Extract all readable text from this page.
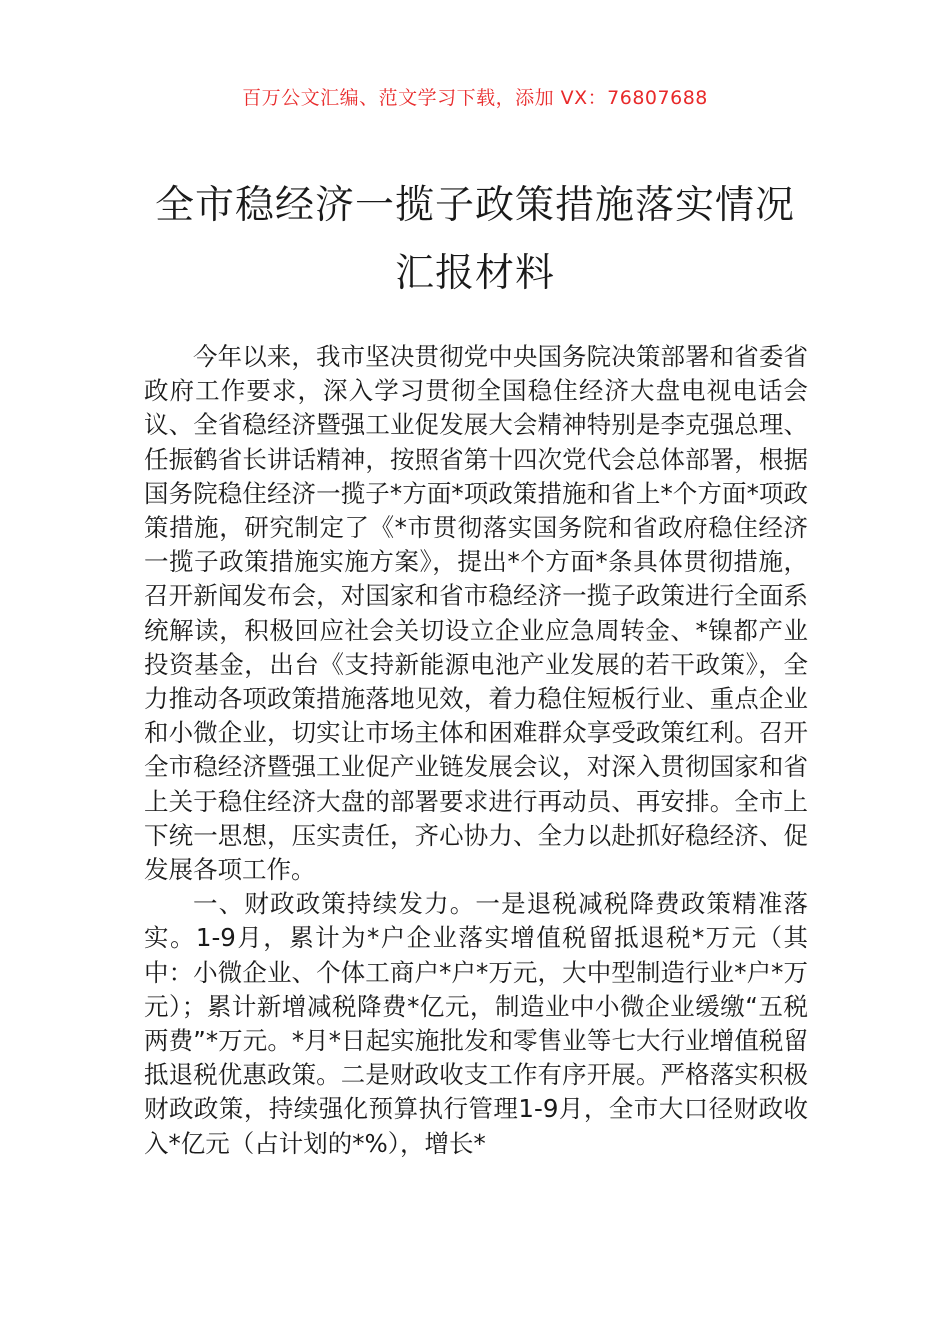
百万公文汇编、范文学习下载，添加 VX：76807688
全市稳经济一揽子政策措施落实情况汇报材料

今年以来，我市坚决贯彻党中央国务院决策部署和省委省政府工作要求，深入学习贯彻全国稳住经济大盘电视电话会议、全省稳经济暨强工业促发展大会精神特别是李克强总理、任振鹤省长讲话精神，按照省第十四次党代会总体部署，根据国务院稳住经济一揽子*方面*项政策措施和省上*个方面*项政策措施，研究制定了《*市贯彻落实国务院和省政府稳住经济一揽子政策措施实施方案》，提出*个方面*条具体贯彻措施，召开新闻发布会，对国家和省市稳经济一揽子政策进行全面系统解读，积极回应社会关切设立企业应急周转金、*镍都产业投资基金，出台《支持新能源电池产业发展的若干政策》，全力推动各项政策措施落地见效，着力稳住短板行业、重点企业和小微企业，切实让市场主体和困难群众享受政策红利。召开全市稳经济暨强工业促产业链发展会议，对深入贯彻国家和省上关于稳住经济大盘的部署要求进行再动员、再安排。全市上下统一思想，压实责任，齐心协力、全力以赴抓好稳经济、促发展各项工作。

一、财政政策持续发力。一是退税减税降费政策精准落实。1-9月，累计为*户企业落实增值税留抵退税*万元（其中：小微企业、个体工商户*户*万元，大中型制造行业*户*万元）；累计新增减税降费*亿元，制造业中小微企业缓缴“五税两费”*万元。*月*日起实施批发和零售业等七大行业增值税留抵退税优惠政策。二是财政收支工作有序开展。严格落实积极财政政策，持续强化预算执行管理1-9月，全市大口径财政收入*亿元（占计划的*%），增长*
